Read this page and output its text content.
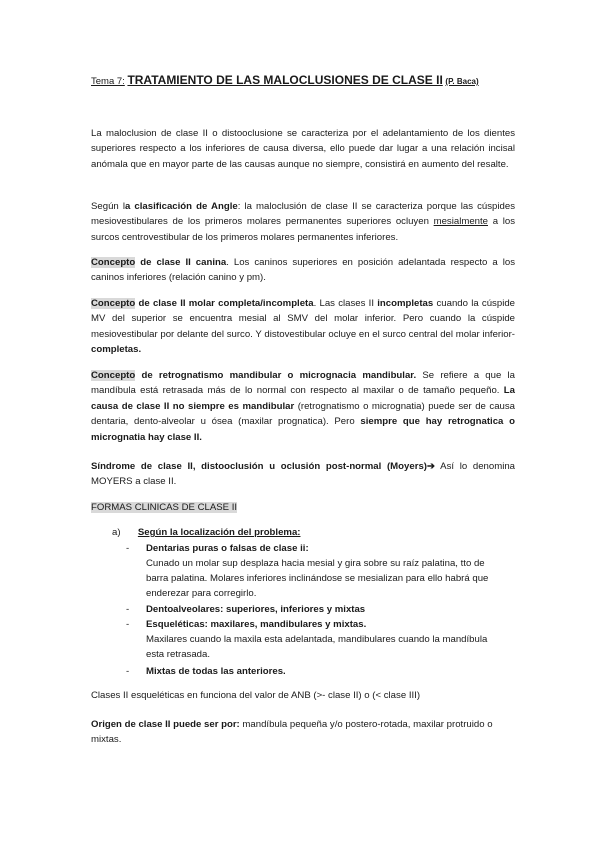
Tema 7: TRATAMIENTO DE LAS MALOCLUSIONES DE CLASE II (P. Baca)

La maloclusion de clase II o distooclusione se caracteriza por el adelantamiento de los dientes superiores respecto a los inferiores de causa diversa, ello puede dar lugar a una relación incisal anómala que en mayor parte de las causas aunque no siempre, consistirá en aumento del resalte.

Según la clasificación de Angle: la maloclusión de clase II se caracteriza porque las cúspides mesiovestibulares de los primeros molares permanentes superiores ocluyen mesialmente a los surcos centrovestibular de los primeros molares permanentes inferiores.

Concepto de clase II canina. Los caninos superiores en posición adelantada respecto a los caninos inferiores (relación canino y pm).

Concepto de clase II molar completa/incompleta. Las clases II incompletas cuando la cúspide MV del superior se encuentra mesial al SMV del molar inferior. Pero cuando la cúspide mesiovestibular por delante del surco. Y distovestibular ocluye en el surco central del molar inferior- completas.

Concepto de retrognatismo mandibular o micrognacia mandibular. Se refiere a que la mandíbula está retrasada más de lo normal con respecto al maxilar o de tamaño pequeño. La causa de clase II no siempre es mandibular (retrognatismo o micrognatia) puede ser de causa dentaria, dento-alveolar u ósea (maxilar prognatica). Pero siempre que hay retrognatica o micrognatia hay clase II.

Síndrome de clase II, distooclusión u oclusión post-normal (Moyers)➔ Así lo denomina MOYERS a clase II.

FORMAS CLINICAS DE CLASE II

a) Según la localización del problema:
- Dentarias puras o falsas de clase ii:
Cunado un molar sup desplaza hacia mesial y gira sobre su raíz palatina, tto de
barra palatina. Molares inferiores inclinándose se mesializan para ello habrá que
enderezar para corregirlo.
- Dentoalveolares: superiores, inferiores y mixtas
- Esqueléticas: maxilares, mandibulares y mixtas.
Maxilares cuando la maxila esta adelantada, mandibulares cuando la mandíbula
esta retrasada.
- Mixtas de todas las anteriores.

Clases II esqueléticas en funciona del valor de ANB (>- clase II) o (< clase III)

Origen de clase II puede ser por: mandíbula pequeña y/o postero-rotada, maxilar protruido o mixtas.
